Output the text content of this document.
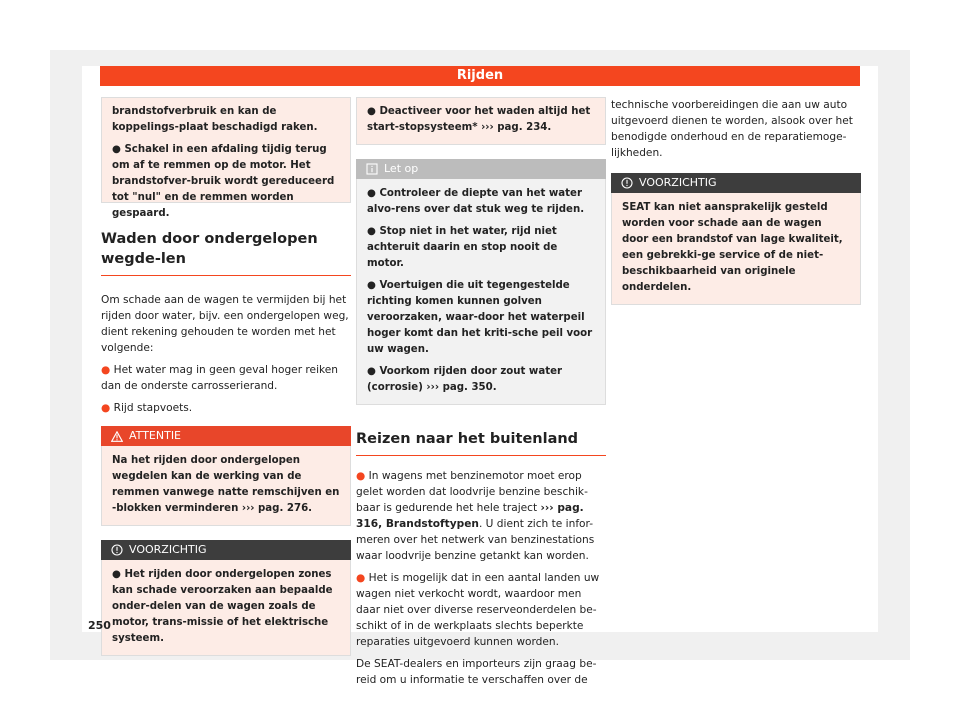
Rijden

brandstofverbruik en kan de koppelings-plaat beschadigd raken.

● Schakel in een afdaling tijdig terug om af te remmen op de motor. Het brandstofver-bruik wordt gereduceerd tot "nul" en de remmen worden gespaard.

Waden door ondergelopen wegde-len

Om schade aan de wagen te vermijden bij het rijden door water, bijv. een ondergelopen weg, dient rekening gehouden te worden met het volgende:

● Het water mag in geen geval hoger reiken dan de onderste carrosserierand.

● Rijd stapvoets.

ATTENTIE
Na het rijden door ondergelopen wegdelen kan de werking van de remmen vanwege natte remschijven en -blokken verminderen ››› pag. 276.
VOORZICHTIG
● Het rijden door ondergelopen zones kan schade veroorzaken aan bepaalde onder-delen van de wagen zoals de motor, trans-missie of het elektrische systeem.
● Deactiveer voor het waden altijd het start-stopsysteem* ››› pag. 234.
Let op

● Controleer de diepte van het water alvo-rens over dat stuk weg te rijden.

● Stop niet in het water, rijd niet achteruit daarin en stop nooit de motor.

● Voertuigen die uit tegengestelde richting komen kunnen golven veroorzaken, waar-door het waterpeil hoger komt dan het kriti-sche peil voor uw wagen.

● Voorkom rijden door zout water (corrosie) ››› pag. 350.

Reizen naar het buitenland

● In wagens met benzinemotor moet erop gelet worden dat loodvrije benzine beschik-baar is gedurende het hele traject ››› pag. 316, Brandstoftypen. U dient zich te infor-meren over het netwerk van benzinestations waar loodvrije benzine getankt kan worden.

● Het is mogelijk dat in een aantal landen uw wagen niet verkocht wordt, waardoor men daar niet over diverse reserveonderdelen be-schikt of in de werkplaats slechts beperkte reparaties uitgevoerd kunnen worden.

De SEAT-dealers en importeurs zijn graag be-reid om u informatie te verschaffen over de

technische voorbereidingen die aan uw auto uitgevoerd dienen te worden, alsook over het benodigde onderhoud en de reparatiemoge-lijkheden.

VOORZICHTIG
SEAT kan niet aansprakelijk gesteld worden voor schade aan de wagen door een brandstof van lage kwaliteit, een gebrekki-ge service of de niet-beschikbaarheid van originele onderdelen.
250
